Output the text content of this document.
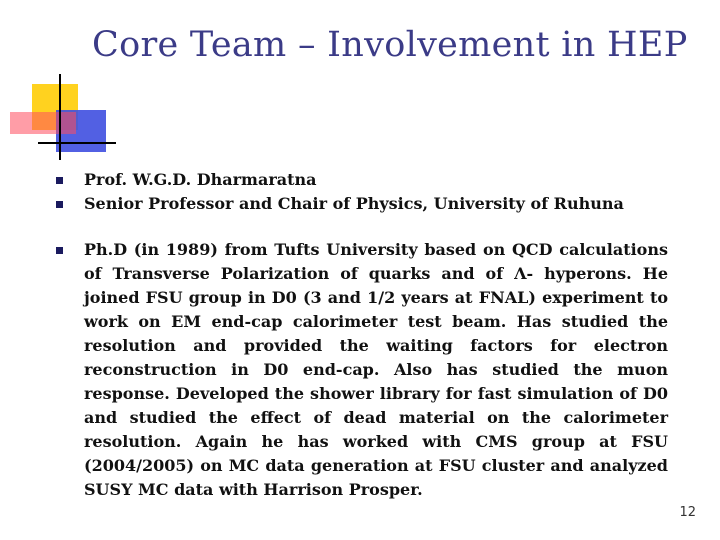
Core Team – Involvement in HEP
Prof. W.G.D. Dharmaratna
Senior Professor and Chair of Physics, University of Ruhuna
Ph.D (in 1989) from Tufts University based on QCD calculations of Transverse Polarization of quarks and of Λ- hyperons. He joined FSU group in D0 (3 and 1/2 years at FNAL) experiment to work on EM end-cap calorimeter test beam. Has studied the resolution and provided the waiting factors for electron reconstruction in D0 end-cap. Also has studied the muon response. Developed the shower library for fast simulation of D0 and studied the effect of dead material on the calorimeter resolution. Again he has worked with CMS group at FSU (2004/2005) on MC data generation at FSU cluster and analyzed SUSY MC data with Harrison Prosper.
12
